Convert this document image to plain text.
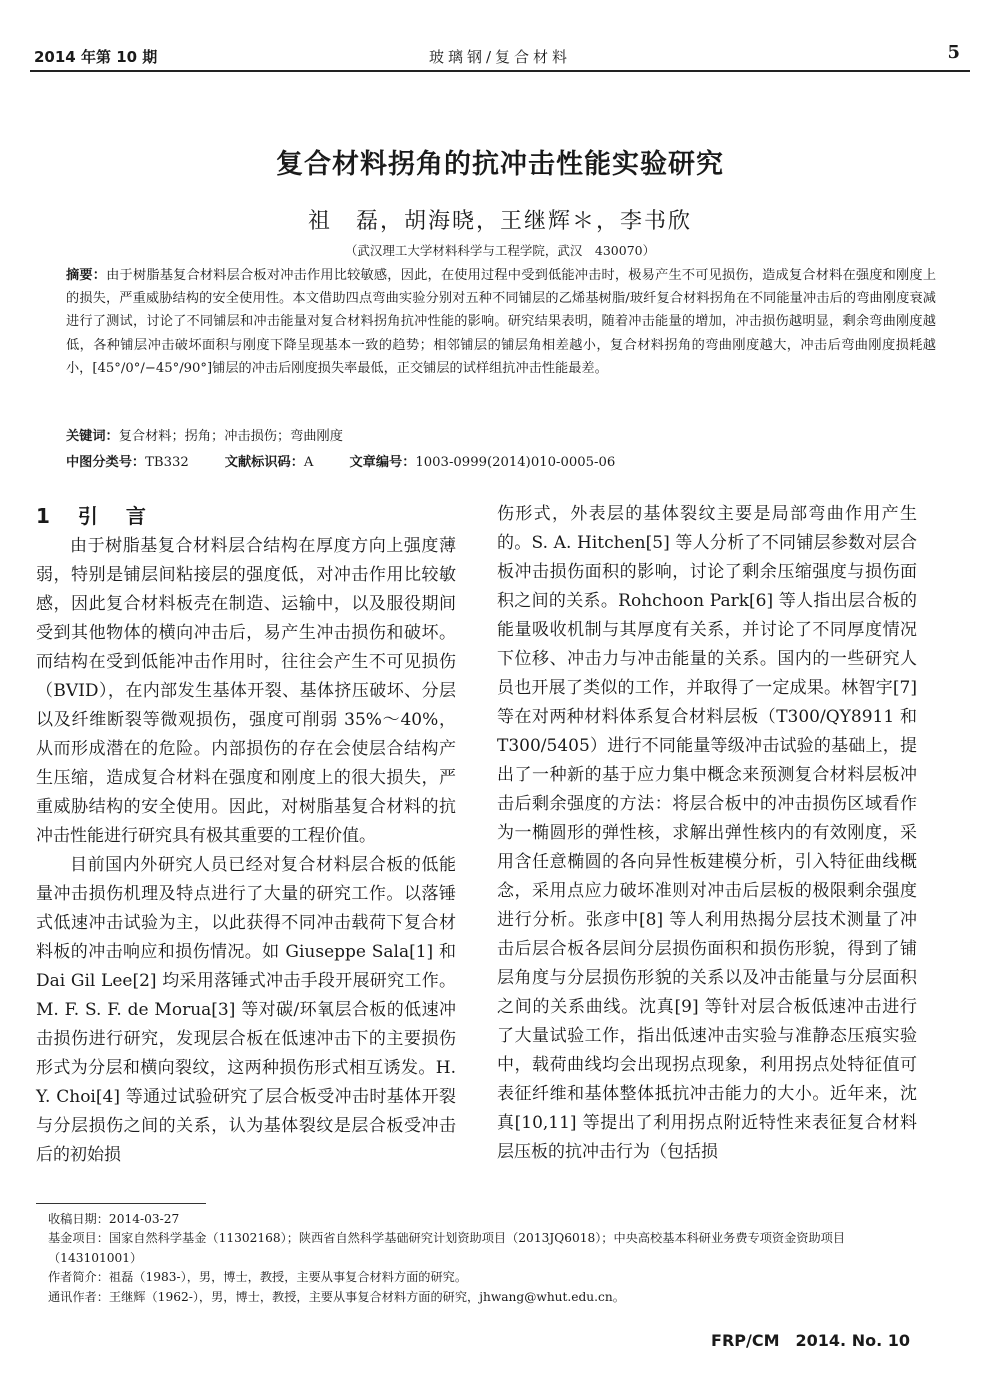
2014 年第 10 期	玻璃钢/复合材料	5
复合材料拐角的抗冲击性能实验研究
祖　磊，胡海晓，王继辉＊，李书欣
（武汉理工大学材料科学与工程学院，武汉　430070）
摘要：由于树脂基复合材料层合板对冲击作用比较敏感，因此，在使用过程中受到低能冲击时，极易产生不可见损伤，造成复合材料在强度和刚度上的损失，严重威胁结构的安全使用性。本文借助四点弯曲实验分别对五种不同铺层的乙烯基树脂/玻纤复合材料拐角在不同能量冲击后的弯曲刚度衰减进行了测试，讨论了不同铺层和冲击能量对复合材料拐角抗冲性能的影响。研究结果表明，随着冲击能量的增加，冲击损伤越明显，剩余弯曲刚度越低，各种铺层冲击破坏面积与刚度下降呈现基本一致的趋势；相邻铺层的铺层角相差越小，复合材料拐角的弯曲刚度越大，冲击后弯曲刚度损耗越小，[45°/0°/−45°/90°]铺层的冲击后刚度损失率最低，正交铺层的试样组抗冲击性能最差。
关键词：复合材料；拐角；冲击损伤；弯曲刚度
中图分类号：TB332	文献标识码：A	文章编号：1003-0999(2014)010-0005-06
1　引　言

由于树脂基复合材料层合结构在厚度方向上强度薄弱，特别是铺层间粘接层的强度低，对冲击作用比较敏感，因此复合材料板壳在制造、运输中，以及服役期间受到其他物体的横向冲击后，易产生冲击损伤和破坏。而结构在受到低能冲击作用时，往往会产生不可见损伤（BVID），在内部发生基体开裂、基体挤压破坏、分层以及纤维断裂等微观损伤，强度可削弱 35%～40%，从而形成潜在的危险。内部损伤的存在会使层合结构产生压缩，造成复合材料在强度和刚度上的很大损失，严重威胁结构的安全使用。因此，对树脂基复合材料的抗冲击性能进行研究具有极其重要的工程价值。

目前国内外研究人员已经对复合材料层合板的低能量冲击损伤机理及特点进行了大量的研究工作。以落锤式低速冲击试验为主，以此获得不同冲击载荷下复合材料板的冲击响应和损伤情况。如 Giuseppe Sala[1] 和 Dai Gil Lee[2] 均采用落锤式冲击手段开展研究工作。M. F. S. F. de Morua[3] 等对碳/环氧层合板的低速冲击损伤进行研究，发现层合板在低速冲击下的主要损伤形式为分层和横向裂纹，这两种损伤形式相互诱发。H. Y. Choi[4] 等通过试验研究了层合板受冲击时基体开裂与分层损伤之间的关系，认为基体裂纹是层合板受冲击后的初始损

伤形式，外表层的基体裂纹主要是局部弯曲作用产生的。S. A. Hitchen[5] 等人分析了不同铺层参数对层合板冲击损伤面积的影响，讨论了剩余压缩强度与损伤面积之间的关系。Rohchoon Park[6] 等人指出层合板的能量吸收机制与其厚度有关系，并讨论了不同厚度情况下位移、冲击力与冲击能量的关系。国内的一些研究人员也开展了类似的工作，并取得了一定成果。林智宇[7] 等在对两种材料体系复合材料层板（T300/QY8911 和 T300/5405）进行不同能量等级冲击试验的基础上，提出了一种新的基于应力集中概念来预测复合材料层板冲击后剩余强度的方法：将层合板中的冲击损伤区域看作为一椭圆形的弹性核，求解出弹性核内的有效刚度，采用含任意椭圆的各向异性板建模分析，引入特征曲线概念，采用点应力破坏准则对冲击后层板的极限剩余强度进行分析。张彦中[8] 等人利用热揭分层技术测量了冲击后层合板各层间分层损伤面积和损伤形貌，得到了铺层角度与分层损伤形貌的关系以及冲击能量与分层面积之间的关系曲线。沈真[9] 等针对层合板低速冲击进行了大量试验工作，指出低速冲击实验与准静态压痕实验中，载荷曲线均会出现拐点现象，利用拐点处特征值可表征纤维和基体整体抵抗冲击能力的大小。近年来，沈真[10,11] 等提出了利用拐点附近特性来表征复合材料层压板的抗冲击行为（包括损

收稿日期：2014-03-27
基金项目：国家自然科学基金（11302168）；陕西省自然科学基础研究计划资助项目（2013JQ6018）；中央高校基本科研业务费专项资金资助项目（143101001）
作者简介：祖磊（1983-），男，博士，教授，主要从事复合材料方面的研究。
通讯作者：王继辉（1962-），男，博士，教授，主要从事复合材料方面的研究，jhwang@whut.edu.cn。
FRP/CM　2014. No. 10
